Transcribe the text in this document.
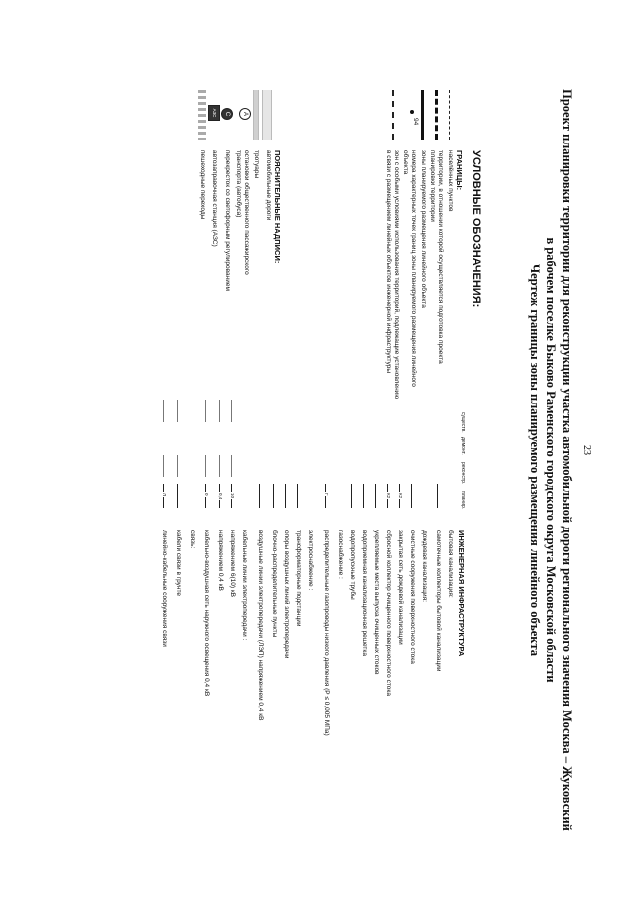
23
Проект планировки территории для реконструкции участка автомобильной дороги регионального значения Москва – Жуковский
в рабочем поселке Быково Раменского городского округа Московской области
Чертеж границы зоны планируемого размещения линейного объекта
УСЛОВНЫЕ ОБОЗНАЧЕНИЯ:
ГРАНИЦЫ:
населённых пунктов
территории, в отношении которой осуществляется подготовка проекта планировки территории
зоны планируемого размещения линейного объекта
94
номера характерных точек границ зоны планируемого размещения линейного объекта
зон с особыми условиями использования территорий, подлежащие установлению в связи с размещением линейных объектов инженерной инфраструктуры
ПОЯСНИТЕЛЬНЫЕ НАДПИСИ:
автомобильные дороги
тротуары
А
остановки общественного пассажирского транспорта (автобуса)
С
перекресток со светофорным регулированием
АЗС
автозаправочная станция (АЗС)
пешеходные переходы
существ.
демонт.
реконстр.
планир.
ИНЖЕНЕРНАЯ ИНФРАСТРУКТУРА
бытовая канализация:
самотечные коллекторы бытовой канализации
дождевая канализация:
очистные сооружения поверхностного стока
закрытая сеть дождевой канализации
К2
сбросной коллектор очищенного поверхностного стока
К2
укрепляемые места выпуска очищенных стоков
водоприемная канализационная решетка
водопропускные трубы
газоснабжение :
распределительные газопроводы низкого давления (Р ≤ 0,005 МПа)
Г
электроснабжение :
трансформаторные подстанции
опоры воздушных линий электропередачи
блочно-распределительные пункты
воздушные линии электропередачи (ЛЭП) напряжением 0,4 кВ
кабельные линии электропередачи :
напряжением 6(10) кВ
10
напряжением 0,4 кВ
0,4
кабельно-воздушная сеть наружного освещения 0,4 кВ
0
связь:
кабели связи в грунте
линейно-кабельные сооружения связи
Л
